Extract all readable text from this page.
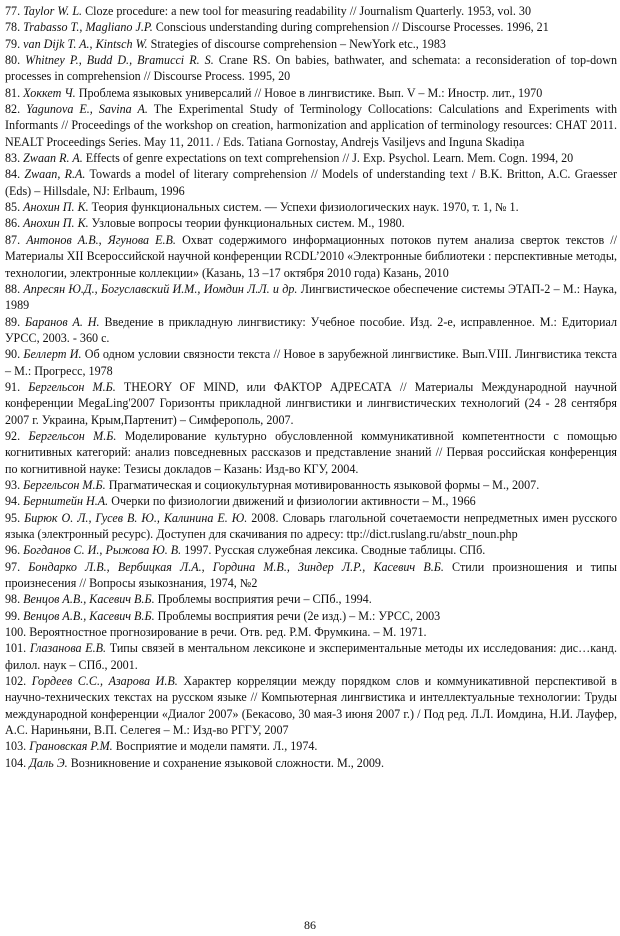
77. Taylor W. L. Cloze procedure: a new tool for measuring readability // Journalism Quarterly. 1953, vol. 30

78. Trabasso T., Magliano J.P. Conscious understanding during comprehension // Discourse Processes. 1996, 21

79. van Dijk T. A., Kintsch W. Strategies of discourse comprehension – NewYork etc., 1983

80. Whitney P., Budd D., Bramucci R. S. Crane RS. On babies, bathwater, and schemata: a reconsideration of top-down processes in comprehension // Discourse Process. 1995, 20

81. Хоккет Ч. Проблема языковых универсалий // Новое в лингвистике. Вып. V – М.: Иностр. лит., 1970

82. Yagunova E., Savina A. The Experimental Study of Terminology Collocations: Calculations and Experiments with Informants // Proceedings of the workshop on creation, harmonization and application of terminology resources: CHAT 2011. NEALT Proceedings Series. May 11, 2011. / Eds. Tatiana Gornostay, Andrejs Vasiljevs and Inguna Skadiņa

83. Zwaan R. A. Effects of genre expectations on text comprehension // J. Exp. Psychol. Learn. Mem. Cogn. 1994, 20

84. Zwaan, R.A. Towards a model of literary comprehension // Models of understanding text / B.K. Britton, A.C. Graesser (Eds) – Hillsdale, NJ: Erlbaum, 1996

85. Анохин П. К. Теория функциональных систем. — Успехи физиологических наук. 1970, т. 1, № 1.

86. Анохин П. К. Узловые вопросы теории функциональных систем. М., 1980.

87. Антонов А.В., Ягунова Е.В. Охват содержимого информационных потоков путем анализа сверток текстов // Материалы XII Всероссийской научной конференции RCDL’2010 «Электронные библиотеки : перспективные методы, технологии, электронные коллекции» (Казань, 13 –17 октября 2010 года) Казань, 2010

88. Апресян Ю.Д., Богуславский И.М., Иомдин Л.Л. и др. Лингвистическое обеспечение системы ЭТАП-2 – М.: Наука, 1989

89. Баранов А. Н. Введение в прикладную лингвистику: Учебное пособие. Изд. 2-е, исправленное. М.: Едиториал УРСС, 2003. - 360 с.

90. Беллерт И. Об одном условии связности текста // Новое в зарубежной лингвистике. Вып.VIII. Лингвистика текста – М.: Прогресс, 1978

91. Бергельсон М.Б. THEORY OF MIND, или ФАКТОР АДРЕСАТА // Материалы Международной научной конференции MegaLing'2007 Горизонты прикладной лингвистики и лингвистических технологий (24 - 28 сентября 2007 г. Украина, Крым,Партенит) – Симферополь, 2007.

92. Бергельсон М.Б. Моделирование культурно обусловленной коммуникативной компетентности с помощью когнитивных категорий: анализ повседневных рассказов и представление знаний // Первая российская конференция по когнитивной науке: Тезисы докладов – Казань: Изд-во КГУ, 2004.

93. Бергельсон М.Б. Прагматическая и социокультурная мотивированность языковой формы – М., 2007.

94. Бернштейн Н.А. Очерки по физиологии движений и физиологии активности – М., 1966

95. Бирюк О. Л., Гусев В. Ю., Калинина Е. Ю. 2008. Словарь глагольной сочетаемости непредметных имен русского языка (электронный ресурс). Доступен для скачивания по адресу: ttp://dict.ruslang.ru/abstr_noun.php

96. Богданов С. И., Рыжова Ю. В. 1997. Русская служебная лексика. Сводные таблицы. СПб.

97. Бондарко Л.В., Вербицкая Л.А., Гордина М.В., Зиндер Л.Р., Касевич В.Б. Стили произношения и типы произнесения // Вопросы языкознания, 1974, №2

98. Венцов А.В., Касевич В.Б. Проблемы восприятия речи – СПб., 1994.

99. Венцов А.В., Касевич В.Б. Проблемы восприятия речи (2е изд.) – М.: УРСС, 2003

100. Вероятностное прогнозирование в речи. Отв. ред. Р.М. Фрумкина. – М. 1971.

101. Глазанова Е.В. Типы связей в ментальном лексиконе и экспериментальные методы их исследования: дис…канд. филол. наук – СПб., 2001.

102. Гордеев С.С., Азарова И.В. Характер корреляции между порядком слов и коммуникативной перспективой в научно-технических текстах на русском языке // Компьютерная лингвистика и интеллектуальные технологии: Труды международной конференции «Диалог 2007» (Бекасово, 30 мая-3 июня 2007 г.) / Под ред. Л.Л. Иомдина, Н.И. Лауфер, А.С. Нариньяни, В.П. Селегея – М.: Изд-во РГГУ, 2007

103. Грановская Р.М. Восприятие и модели памяти. Л., 1974.

104. Даль Э. Возникновение и сохранение языковой сложности. М., 2009.

86
